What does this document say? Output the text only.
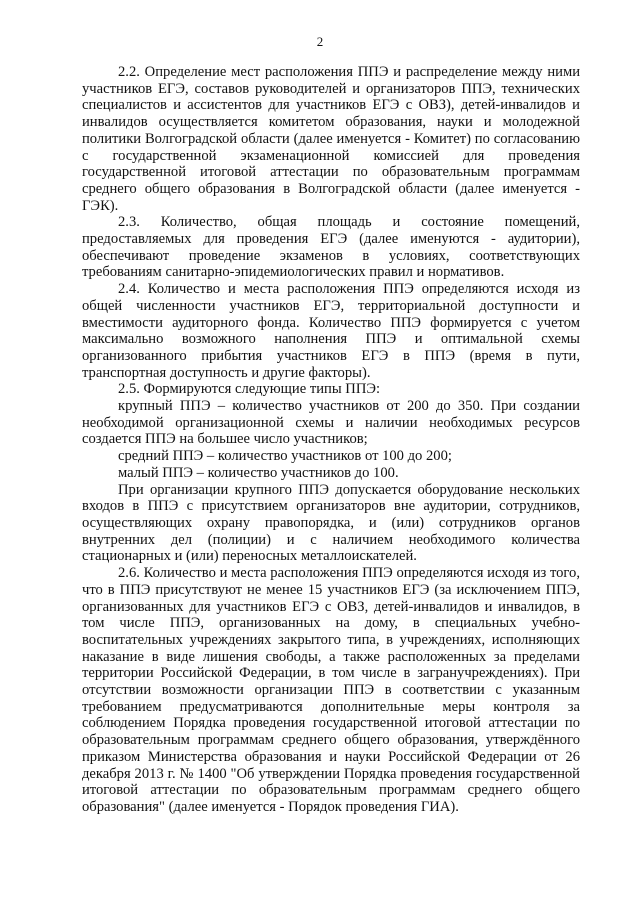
2

2.2. Определение мест расположения ППЭ и распределение между ними участников ЕГЭ, составов руководителей и организаторов ППЭ, технических специалистов и ассистентов для участников ЕГЭ с ОВЗ), детей-инвалидов и инвалидов осуществляется комитетом образования, науки и молодежной политики Волгоградской области (далее именуется - Комитет) по согласованию с государственной экзаменационной комиссией для проведения государственной итоговой аттестации по образовательным программам среднего общего образования в Волгоградской области (далее именуется - ГЭК).

2.3. Количество, общая площадь и состояние помещений, предоставляемых для проведения ЕГЭ (далее именуются - аудитории), обеспечивают проведение экзаменов в условиях, соответствующих требованиям санитарно-эпидемиологических правил и нормативов.

2.4. Количество и места расположения ППЭ определяются исходя из общей численности участников ЕГЭ, территориальной доступности и вместимости аудиторного фонда. Количество ППЭ формируется с учетом максимально возможного наполнения ППЭ и оптимальной схемы организованного прибытия участников ЕГЭ в ППЭ (время в пути, транспортная доступность и другие факторы).

2.5. Формируются следующие типы ППЭ:

крупный ППЭ – количество участников от 200 до 350. При создании необходимой организационной схемы и наличии необходимых ресурсов создается ППЭ на большее число участников;

средний ППЭ – количество участников от 100 до 200;

малый ППЭ – количество участников до 100.

При организации крупного ППЭ допускается оборудование нескольких входов в ППЭ с присутствием организаторов вне аудитории, сотрудников, осуществляющих охрану правопорядка, и (или) сотрудников органов внутренних дел (полиции) и с наличием необходимого количества стационарных и (или) переносных металлоискателей.

2.6. Количество и места расположения ППЭ определяются исходя из того, что в ППЭ присутствуют не менее 15 участников ЕГЭ (за исключением ППЭ, организованных для участников ЕГЭ с ОВЗ, детей-инвалидов и инвалидов, в том числе ППЭ, организованных на дому, в специальных учебно-воспитательных учреждениях закрытого типа, в учреждениях, исполняющих наказание в виде лишения свободы, а также расположенных за пределами территории Российской Федерации, в том числе в загранучреждениях). При отсутствии возможности организации ППЭ в соответствии с указанным требованием предусматриваются дополнительные меры контроля за соблюдением Порядка проведения государственной итоговой аттестации по образовательным программам среднего общего образования, утверждённого приказом Министерства образования и науки Российской Федерации от 26 декабря 2013 г. № 1400 "Об утверждении Порядка проведения государственной итоговой аттестации по образовательным программам среднего общего образования" (далее именуется - Порядок проведения ГИА).
